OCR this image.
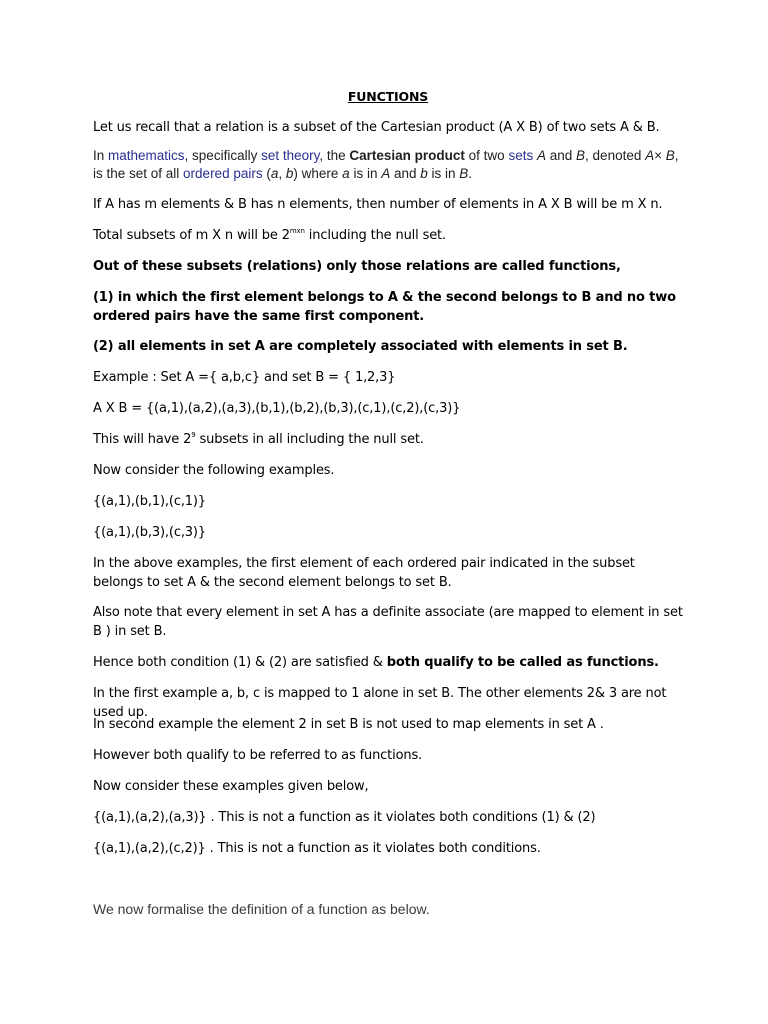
FUNCTIONS

Let us recall that a relation is a subset of the Cartesian product (A X B) of two sets A & B.

In mathematics, specifically set theory, the Cartesian product of two sets A and B, denoted A× B, is the set of all ordered pairs (a, b) where a is in A and b is in B.

If A has m elements & B has n elements, then number of elements in A X B will be m X n.

Total subsets of m X n will be $2^{mxn}$ including the null set.

Out of these subsets (relations) only those relations are called functions,

(1) in which the first element belongs to A & the second belongs to B and no two ordered pairs have the same first component.

(2) all elements in set A are completely associated with elements in set B.

Example : Set A ={ a,b,c} and set B = { 1,2,3}

A X B = {(a,1),(a,2),(a,3),(b,1),(b,2),(b,3),(c,1),(c,2),(c,3)}

This will have $2^9$ subsets in all including the null set.

Now consider the following examples.

{(a,1),(b,1),(c,1)}

{(a,1),(b,3),(c,3)}

In the above examples, the first element of each ordered pair indicated in the subset belongs to set A & the second element belongs to set B.

Also note that every element in set A has a definite associate (are mapped to element in set B ) in set B.

Hence both condition (1) & (2) are satisfied & both qualify to be called as functions.

In the first example a, b, c is mapped to 1 alone in set B. The other elements 2& 3 are not used up.

In second example the element 2 in set B is not used to map elements in set A .

However both qualify to be referred to as functions.

Now consider these examples given below,

{(a,1),(a,2),(a,3)} . This is not a function as it violates both conditions (1) & (2)

{(a,1),(a,2),(c,2)} . This is not a function as it violates both conditions.

We now formalise the definition of a function as below.
